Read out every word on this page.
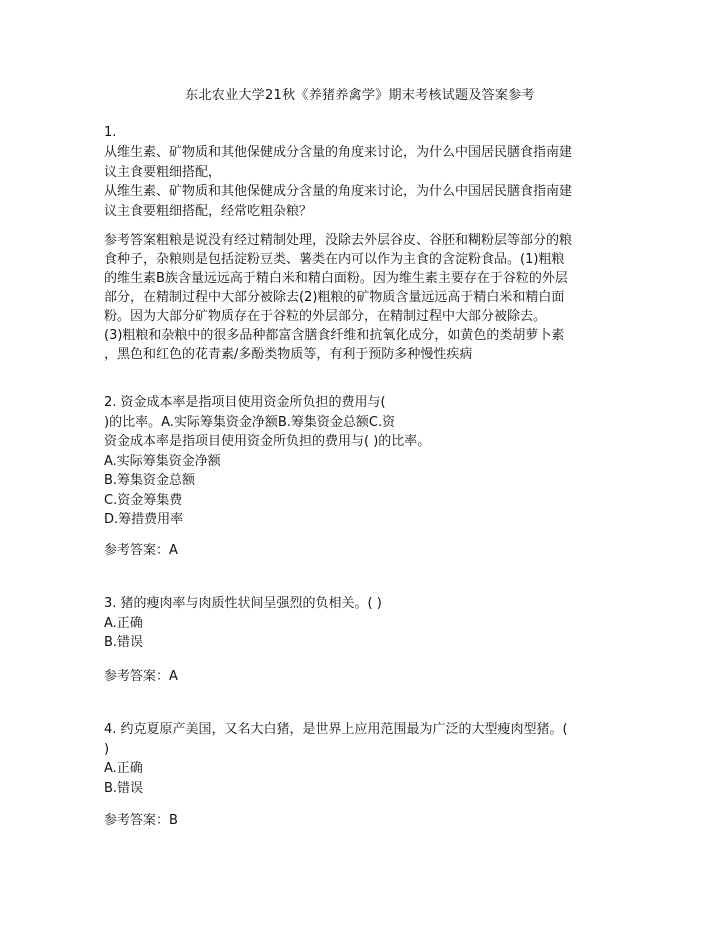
东北农业大学21秋《养猪养禽学》期末考核试题及答案参考
1.
从维生素、矿物质和其他保健成分含量的角度来讨论，为什么中国居民膳食指南建
议主食要粗细搭配，
从维生素、矿物质和其他保健成分含量的角度来讨论，为什么中国居民膳食指南建
议主食要粗细搭配，经常吃粗杂粮？
参考答案粗粮是说没有经过精制处理，没除去外层谷皮、谷胚和糊粉层等部分的粮
食种子，杂粮则是包括淀粉豆类、薯类在内可以作为主食的含淀粉食品。(1)粗粮
的维生素B族含量远远高于精白米和精白面粉。因为维生素主要存在于谷粒的外层
部分，在精制过程中大部分被除去(2)粗粮的矿物质含量远远高于精白米和精白面
粉。因为大部分矿物质存在于谷粒的外层部分，在精制过程中大部分被除去。
(3)粗粮和杂粮中的很多品种都富含膳食纤维和抗氧化成分，如黄色的类胡萝卜素
，黑色和红色的花青素/多酚类物质等，有利于预防多种慢性疾病
2. 资金成本率是指项目使用资金所负担的费用与(
)的比率。A.实际筹集资金净额B.筹集资金总额C.资
资金成本率是指项目使用资金所负担的费用与( )的比率。
A.实际筹集资金净额
B.筹集资金总额
C.资金筹集费
D.筹措费用率
参考答案：A
3. 猪的瘦肉率与肉质性状间呈强烈的负相关。( )
A.正确
B.错误
参考答案：A
4. 约克夏原产美国，又名大白猪，是世界上应用范围最为广泛的大型瘦肉型猪。(
)
A.正确
B.错误
参考答案：B
